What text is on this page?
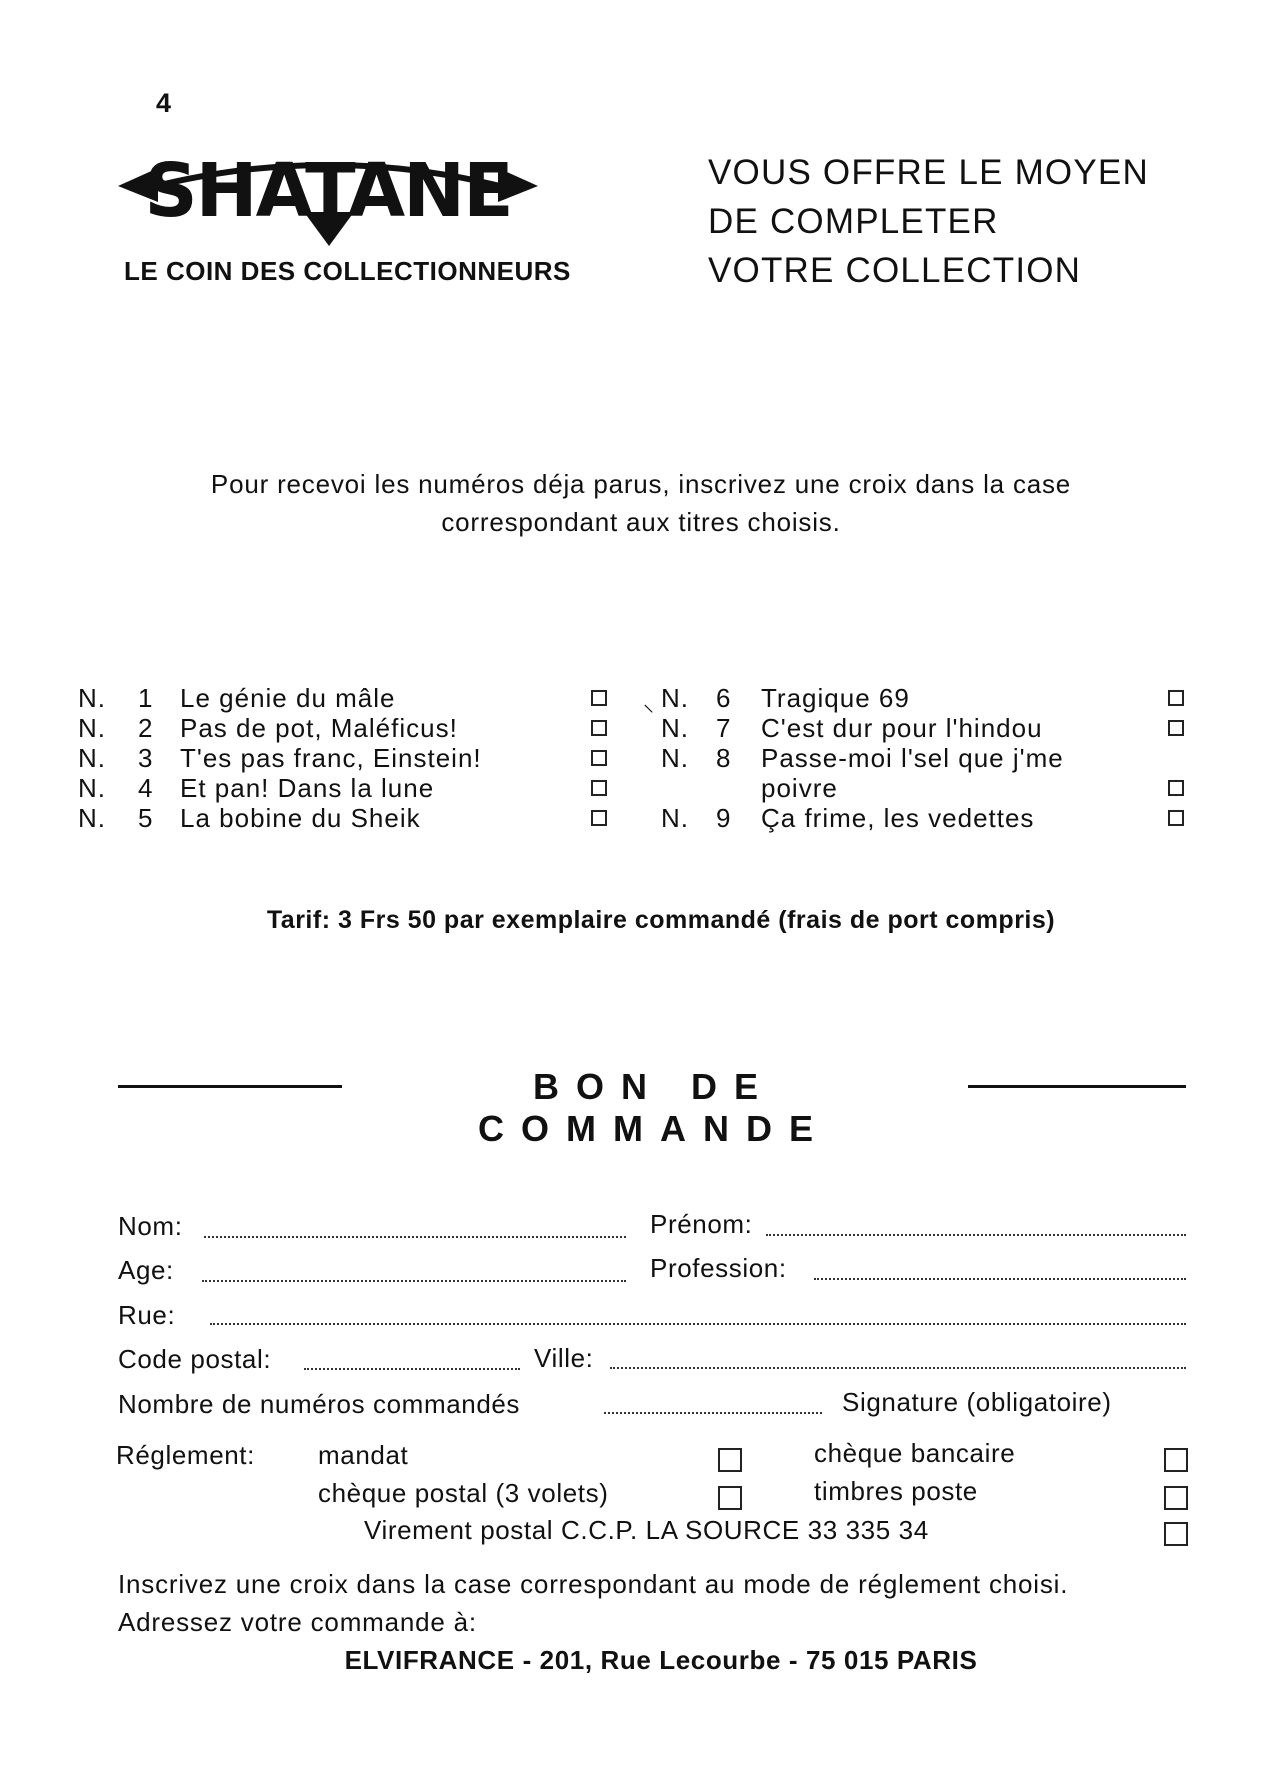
4
SHATANE
LE COIN DES COLLECTIONNEURS
VOUS OFFRE LE MOYEN
DE COMPLETER
VOTRE COLLECTION
Pour recevoi les numéros déja parus, inscrivez une croix dans la case
correspondant aux titres choisis.
N. 1 Le génie du mâle
N. 2 Pas de pot, Maléficus!
N. 3 T'es pas franc, Einstein!
N. 4 Et pan! Dans la lune
N. 5 La bobine du Sheik
⸜ N. 6 Tragique 69
N. 7 C'est dur pour l'hindou
N. 8 Passe-moi l'sel que j'me
poivre
N. 9 Ça frime, les vedettes
Tarif: 3 Frs 50 par exemplaire commandé (frais de port compris)
BON DE COMMANDE
Nom:	Prénom:
Age:	Profession:
Rue:
Code postal:	Ville:
Nombre de numéros commandés	Signature (obligatoire)
Réglement: mandat	chèque bancaire
chèque postal (3 volets)	timbres poste
Virement postal C.C.P. LA SOURCE 33 335 34
Inscrivez une croix dans la case correspondant au mode de réglement choisi.
Adressez votre commande à:
ELVIFRANCE - 201, Rue Lecourbe - 75 015 PARIS
